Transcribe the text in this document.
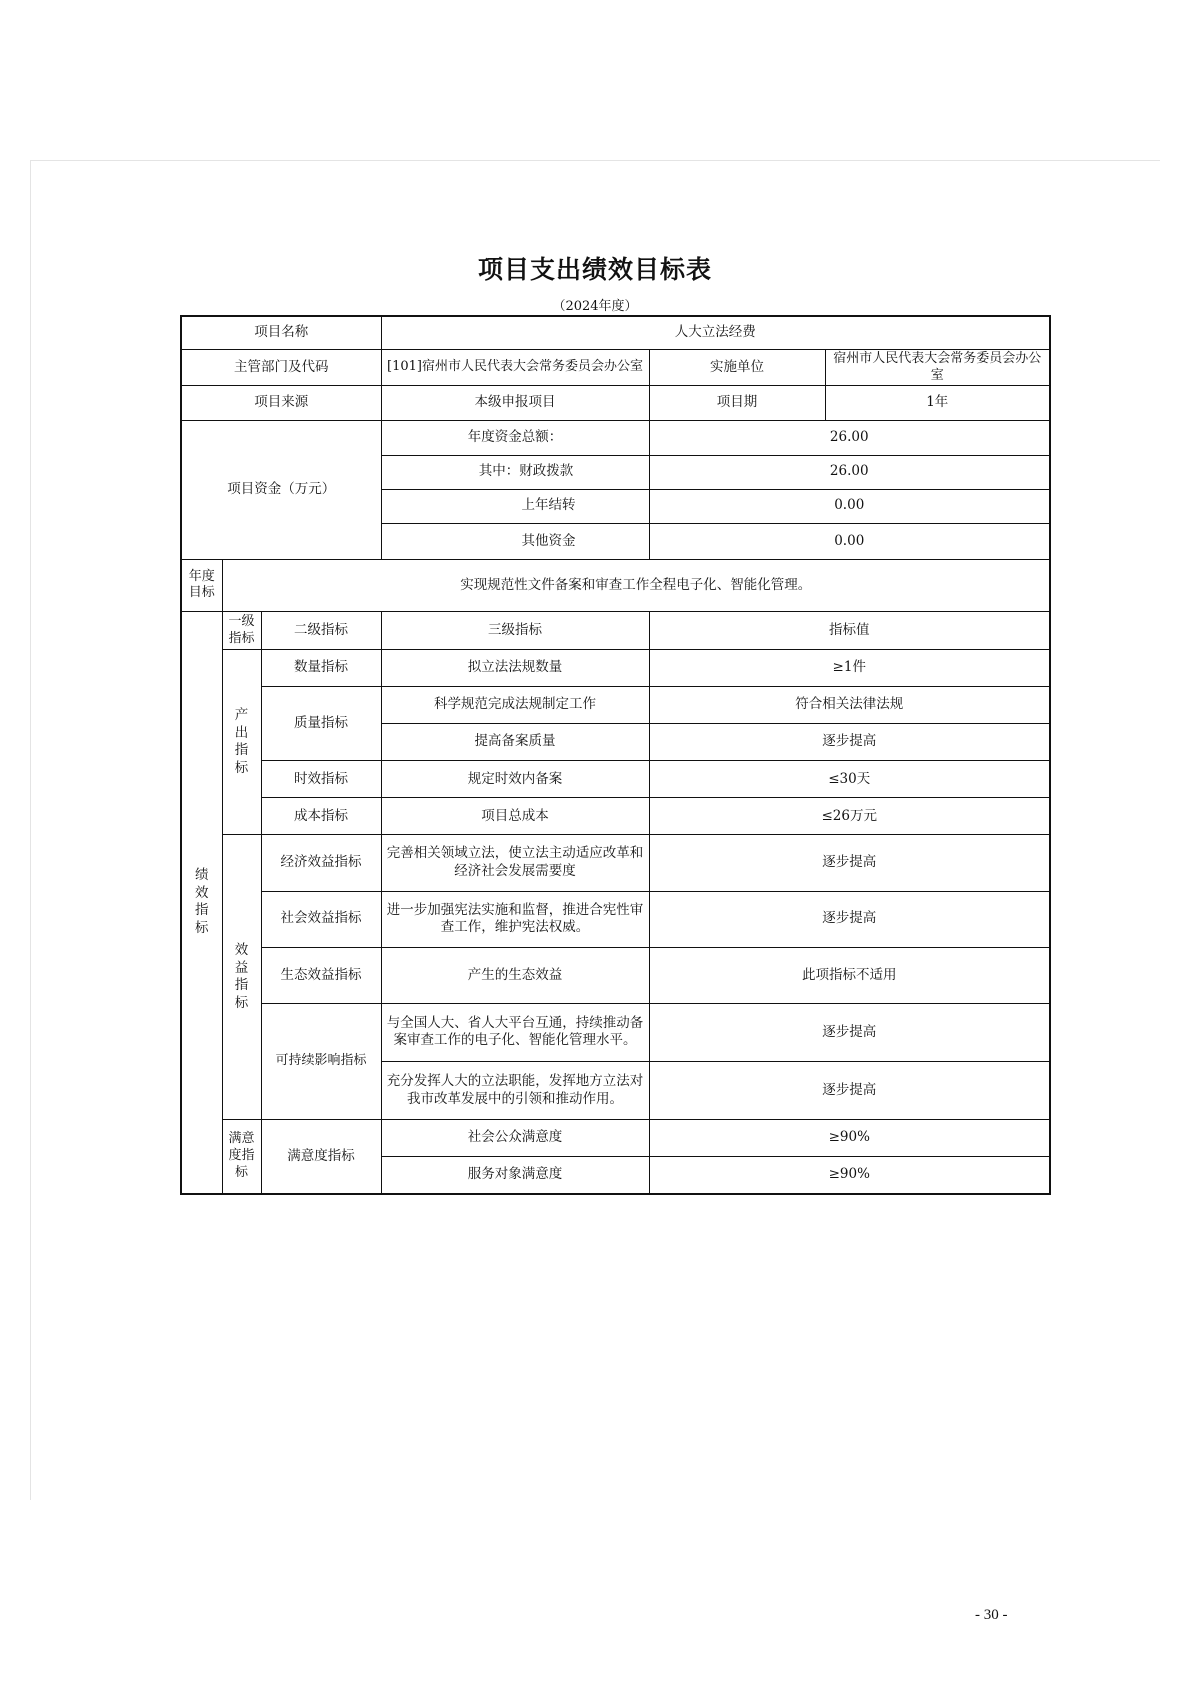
项目支出绩效目标表
（2024年度）
项目名称			人大立法经费		
主管部门及代码			[101]宿州市人民代表大会常务委员会办公室	实施单位	宿州市人民代表大会常务委员会办公室
项目来源			本级申报项目	项目期	1年
项目资金（万元）			年度资金总额：	26.00	
			其中：财政拨款	26.00	
			上年结转	0.00	
			其他资金	0.00	
年度目标	实现规范性文件备案和审查工作全程电子化、智能化管理。				
绩效指标	一级指标	二级指标	三级指标	指标值	
	产出指标	数量指标	拟立法法规数量	≥1件	
		质量指标	科学规范完成法规制定工作	符合相关法律法规	
			提高备案质量	逐步提高	
		时效指标	规定时效内备案	≤30天	
		成本指标	项目总成本	≤26万元	
	效益指标	经济效益指标	完善相关领域立法，使立法主动适应改革和经济社会发展需要度	逐步提高	
		社会效益指标	进一步加强宪法实施和监督，推进合宪性审查工作，维护宪法权威。	逐步提高	
		生态效益指标	产生的生态效益	此项指标不适用	
		可持续影响指标	与全国人大、省人大平台互通，持续推动备案审查工作的电子化、智能化管理水平。	逐步提高	
			充分发挥人大的立法职能，发挥地方立法对我市改革发展中的引领和推动作用。	逐步提高	
	满意度指标	满意度指标	社会公众满意度	≥90%	
			服务对象满意度	≥90%	
- 30 -
